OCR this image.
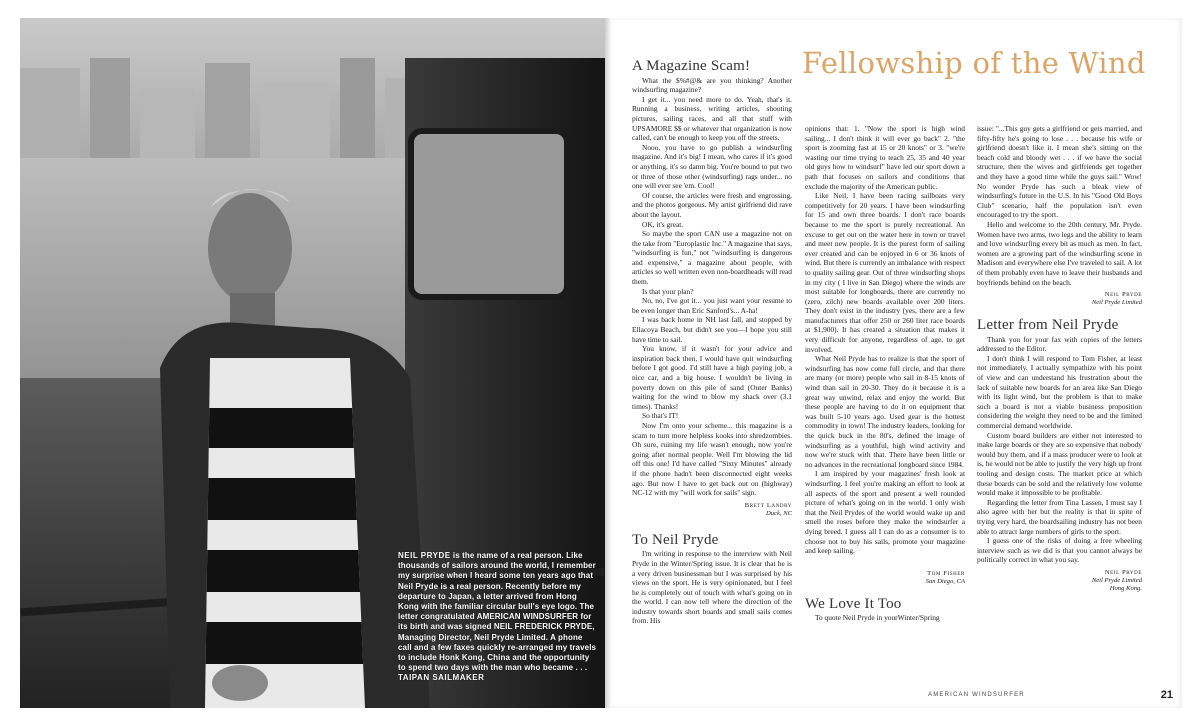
NEIL PRYDE is the name of a real person. Like thousands of sailors around the world, I remember my surprise when I heard some ten years ago that Neil Pryde is a real person. Recently before my departure to Japan, a letter arrived from Hong Kong with the familiar circular bull's eye logo. The letter congratulated AMERICAN WINDSURFER for its birth and was signed NEIL FREDERICK PRYDE, Managing Director, Neil Pryde Limited. A phone call and a few faxes quickly re-arranged my travels to include Honk Kong, China and the opportunity to spend two days with the man who became . . . TAIPAN SAILMAKER
Fellowship of the Wind
A Magazine Scam!

What the $%#@& are you thinking? Another windsurfing magazine?

I get it... you need more to do. Yeah, that's it. Running a business, writing articles, shooting pictures, sailing races, and all that stuff with UPSAMORE $$ or whatever that organization is now called, can't be enough to keep you off the streets.

Nooo, you have to go publish a windsurfing magazine. And it's big! I mean, who cares if it's good or anything, it's so damn big. You're bound to put two or three of those other (windsurfing) rags under... no one will ever see 'em. Cool!

Of course, the articles were fresh and engrossing, and the photos gorgeous. My artist girlfriend did rave about the layout.

OK, it's great.

So maybe the sport CAN use a magazine not on the take from "Europlastic Inc." A magazine that says, "windsurfing is fun," not "windsurfing is dangerous and expensive," a magazine about people, with articles so well written even non-boardheads will read them.

Is that your plan?

No, no, I've got it... you just want your resume to be even longer than Eric Sanford's... A-ha!

I was back home in NH last fall, and stopped by Ellacoya Beach, but didn't see you—I hope you still have time to sail.

You know, if it wasn't for your advice and inspiration back then, I would have quit windsurfing before I got good. I'd still have a high paying job, a nice car, and a big house. I wouldn't be living in poverty down on this pile of sand (Outer Banks) waiting for the wind to blow my shack over (3.1 times). Thanks!

So that's IT!

Now I'm onto your scheme... this magazine is a scam to turn more helpless kooks into shredzombies. Oh sure, ruining my life wasn't enough, now you're going after normal people. Well I'm blowing the lid off this one! I'd have called "Sixty Minutes" already if the phone hadn't been disconnected eight weeks ago. But now I have to get back out on (highway) NC-12 with my "will work for sails" sign.

Brett Landry
Duck, NC
To Neil Pryde

I'm writing in response to the interview with Neil Pryde in the Winter/Spring issue. It is clear that he is a very driven businessman but I was surprised by his views on the sport. He is very opinionated, but I feel he is completely out of touch with what's going on in the world. I can now tell where the direction of the industry towards short boards and small sails comes from. His

opinions that: 1. "Now the sport is high wind sailing... I don't think it will ever go back" 2. "the sport is zooming fast at 15 or 20 knots" or 3. "we're wasting our time trying to teach 25, 35 and 40 year old guys how to windsurf" have led our sport down a path that focuses on sailors and conditions that exclude the majority of the American public.

Like Neil, I have been racing sailboats very competitively for 20 years. I have been windsurfing for 15 and own three boards. I don't race boards because to me the sport is purely recreational. An excuse to get out on the water here in town or travel and meet new people. It is the purest form of sailing ever created and can be enjoyed in 6 or 36 knots of wind. But there is currently an imbalance with respect to quality sailing gear. Out of three windsurfing shops in my city ( I live in San Diego) where the winds are most suitable for longboards, there are currently no (zero, zilch) new boards available over 200 liters. They don't exist in the industry (yes, there are a few manufacturers that offer 250 or 260 liter race boards at $1,900). It has created a situation that makes it very difficult for anyone, regardless of age, to get involved.

What Neil Pryde has to realize is that the sport of windsurfing has now come full circle, and that there are many (or more) people who sail in 8-15 knots of wind than sail in 20-30. They do it because it is a great way unwind, relax and enjoy the world. But these people are having to do it on equipment that was built 5-10 years ago. Used gear is the hottest commodity in town! The industry leaders, looking for the quick buck in the 80's, defined the image of windsurfing as a youthful, high wind activity and now we're stuck with that. There have been little or no advances in the recreational longboard since 1984.

I am inspired by your magazines' fresh look at windsurfing. I feel you're making an effort to look at all aspects of the sport and present a well rounded picture of what's going on in the world. I only wish that the Neil Prydes of the world would wake up and smell the roses before they make the windsurfer a dying breed. I guess all I can do as a consumer is to choose not to buy his sails, promote your magazine and keep sailing.

Tom Fisher
San Diego, CA
We Love It Too

To quote Neil Pryde in yourWinter/Spring

issue: "...This guy gets a girlfriend or gets married, and fifty-fifty he's going to lose . . . because his wife or girlfriend doesn't like it. I mean she's sitting on the beach cold and bloody wet . . . if we have the social structure, then the wives and girlfriends get together and they have a good time while the guys sail." Wow! No wonder Pryde has such a bleak view of windsurfing's future in the U.S. In his "Good Old Boys Club" scenario, half the population isn't even encouraged to try the sport.

Hello and welcome to the 20th century, Mr. Pryde. Women have two arms, two legs and the ability to learn and love windsurfing every bit as much as men. In fact, women are a growing part of the windsurfing scene in Madison and everywhere else I've traveled to sail. A lot of them probably even have to leave their husbands and boyfriends behind on the beach.

Neil Pryde
Neil Pryde Limited
Letter from Neil Pryde

Thank you for your fax with copies of the letters addressed to the Editor.

I don't think I will respond to Tom Fisher, at least not immediately. I actually sympathize with his point of view and can understand his frustration about the lack of suitable new boards for an area like San Diego with its light wind, but the problem is that to make such a board is not a viable business proposition considering the weight they need to be and the limited commercial demand worldwide.

Custom board builders are either not interested to make large boards or they are so expensive that nobody would buy them, and if a mass producer were to look at is, he would not be able to justify the very high up front tooling and design costs. The market price at which these boards can be sold and the relatively low volume would make it impossible to be profitable.

Regarding the letter from Tina Lassen, I must say I also agree with her but the reality is that in spite of trying very hard, the boardsailing industry has not been able to attract large numbers of girls to the sport.

I guess one of the risks of doing a free wheeling interview such as we did is that you cannot always be politically correct in what you say.

Neil Pryde
Neil Pryde Limited
Hong Kong.
AMERICAN WINDSURFER	21
